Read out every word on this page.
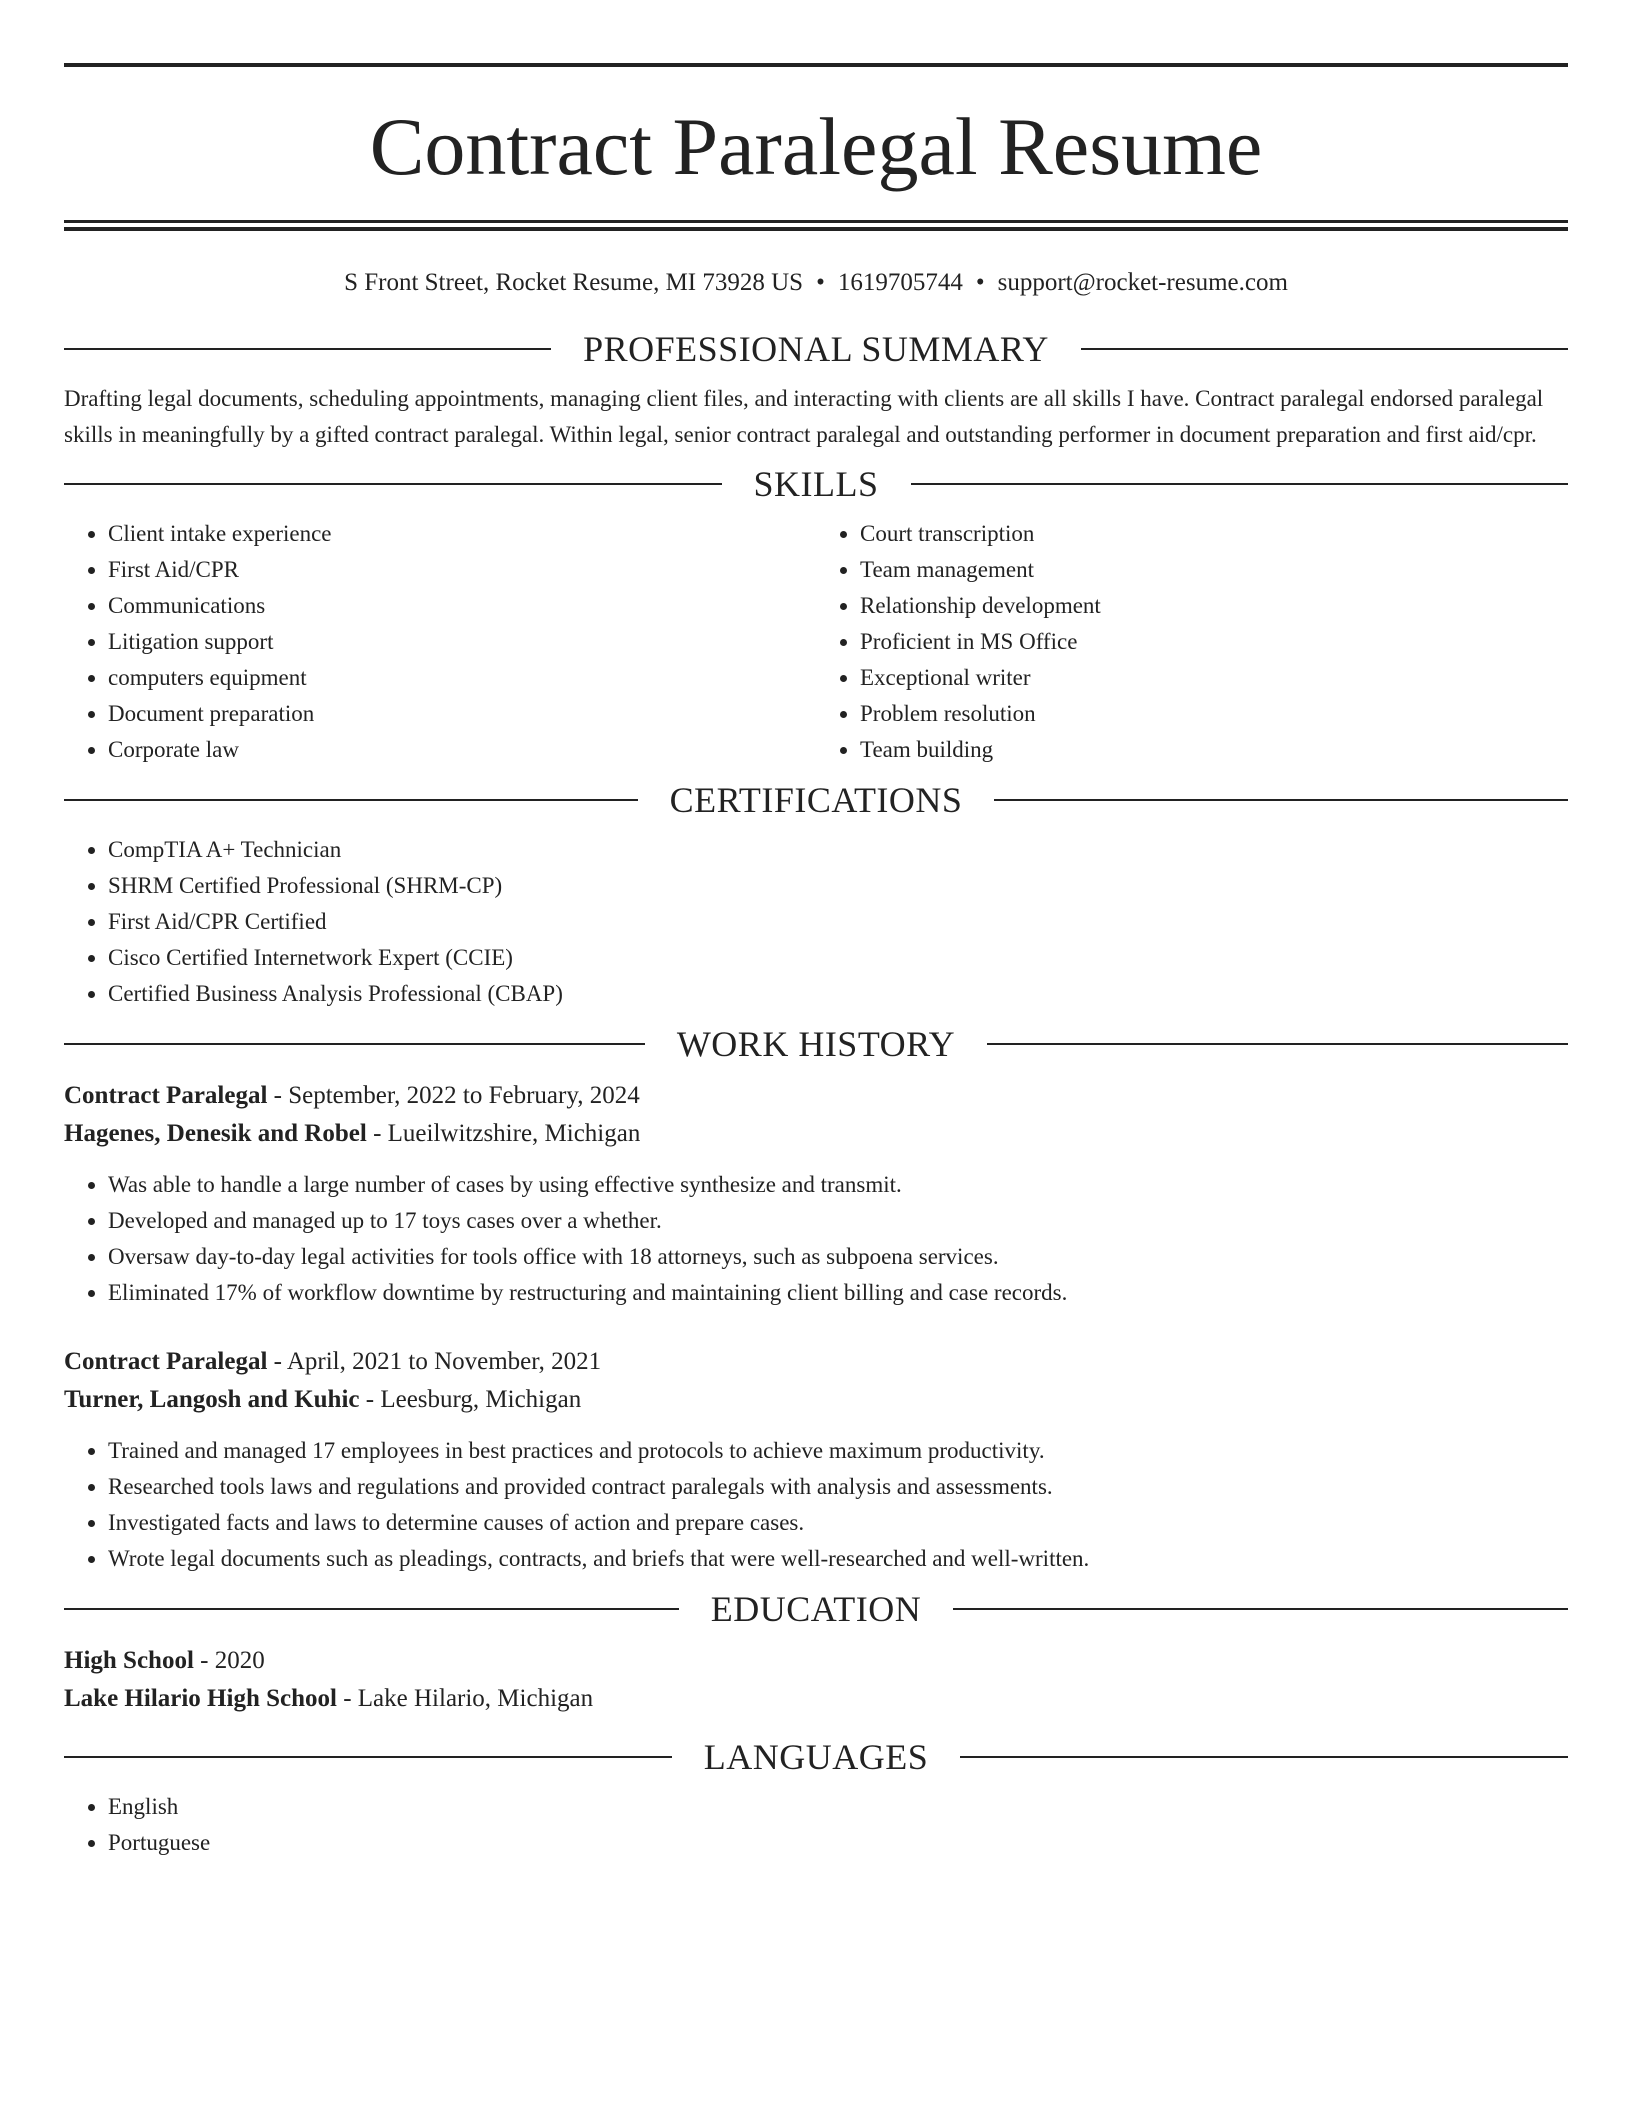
Contract Paralegal Resume
S Front Street, Rocket Resume, MI 73928 US • 1619705744 • support@rocket-resume.com
PROFESSIONAL SUMMARY

Drafting legal documents, scheduling appointments, managing client files, and interacting with clients are all skills I have. Contract paralegal endorsed paralegal skills in meaningfully by a gifted contract paralegal. Within legal, senior contract paralegal and outstanding performer in document preparation and first aid/cpr.

SKILLS
• Client intake experience
• First Aid/CPR
• Communications
• Litigation support
• computers equipment
• Document preparation
• Corporate law
• Court transcription
• Team management
• Relationship development
• Proficient in MS Office
• Exceptional writer
• Problem resolution
• Team building
CERTIFICATIONS
• CompTIA A+ Technician
• SHRM Certified Professional (SHRM-CP)
• First Aid/CPR Certified
• Cisco Certified Internetwork Expert (CCIE)
• Certified Business Analysis Professional (CBAP)
WORK HISTORY
Contract Paralegal - September, 2022 to February, 2024
Hagenes, Denesik and Robel - Lueilwitzshire, Michigan
• Was able to handle a large number of cases by using effective synthesize and transmit.
• Developed and managed up to 17 toys cases over a whether.
• Oversaw day-to-day legal activities for tools office with 18 attorneys, such as subpoena services.
• Eliminated 17% of workflow downtime by restructuring and maintaining client billing and case records.
Contract Paralegal - April, 2021 to November, 2021
Turner, Langosh and Kuhic - Leesburg, Michigan
• Trained and managed 17 employees in best practices and protocols to achieve maximum productivity.
• Researched tools laws and regulations and provided contract paralegals with analysis and assessments.
• Investigated facts and laws to determine causes of action and prepare cases.
• Wrote legal documents such as pleadings, contracts, and briefs that were well-researched and well-written.
EDUCATION
High School - 2020
Lake Hilario High School - Lake Hilario, Michigan
LANGUAGES
• English
• Portuguese
